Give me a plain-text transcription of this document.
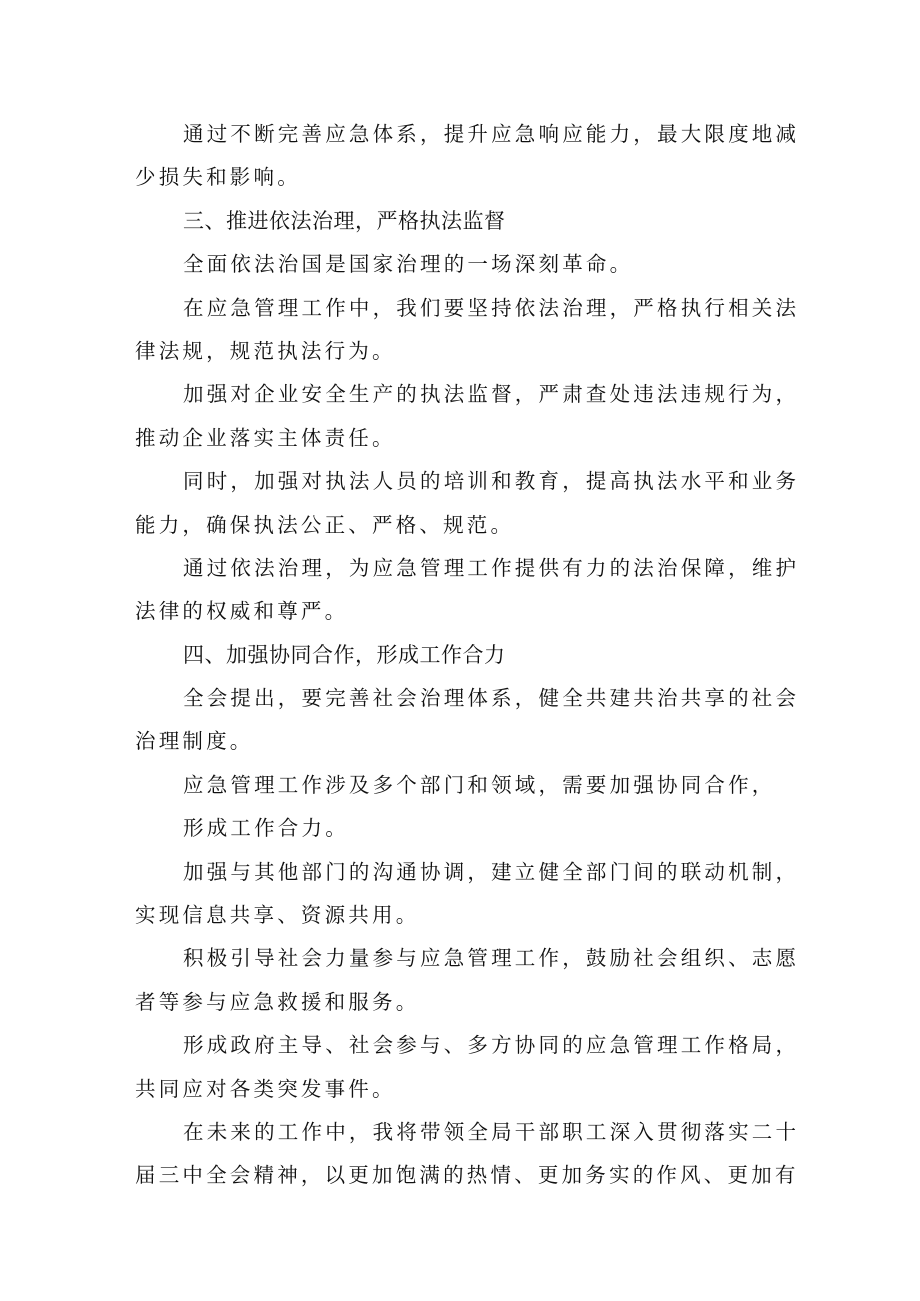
通过不断完善应急体系，提升应急响应能力，最大限度地减
少损失和影响。
三、推进依法治理，严格执法监督
全面依法治国是国家治理的一场深刻革命。
在应急管理工作中，我们要坚持依法治理，严格执行相关法
律法规，规范执法行为。
加强对企业安全生产的执法监督，严肃查处违法违规行为，
推动企业落实主体责任。
同时，加强对执法人员的培训和教育，提高执法水平和业务
能力，确保执法公正、严格、规范。
通过依法治理，为应急管理工作提供有力的法治保障，维护
法律的权威和尊严。
四、加强协同合作，形成工作合力
全会提出，要完善社会治理体系，健全共建共治共享的社会
治理制度。
应急管理工作涉及多个部门和领域，需要加强协同合作，
形成工作合力。
加强与其他部门的沟通协调，建立健全部门间的联动机制，
实现信息共享、资源共用。
积极引导社会力量参与应急管理工作，鼓励社会组织、志愿
者等参与应急救援和服务。
形成政府主导、社会参与、多方协同的应急管理工作格局，
共同应对各类突发事件。
在未来的工作中，我将带领全局干部职工深入贯彻落实二十
届三中全会精神，以更加饱满的热情、更加务实的作风、更加有
